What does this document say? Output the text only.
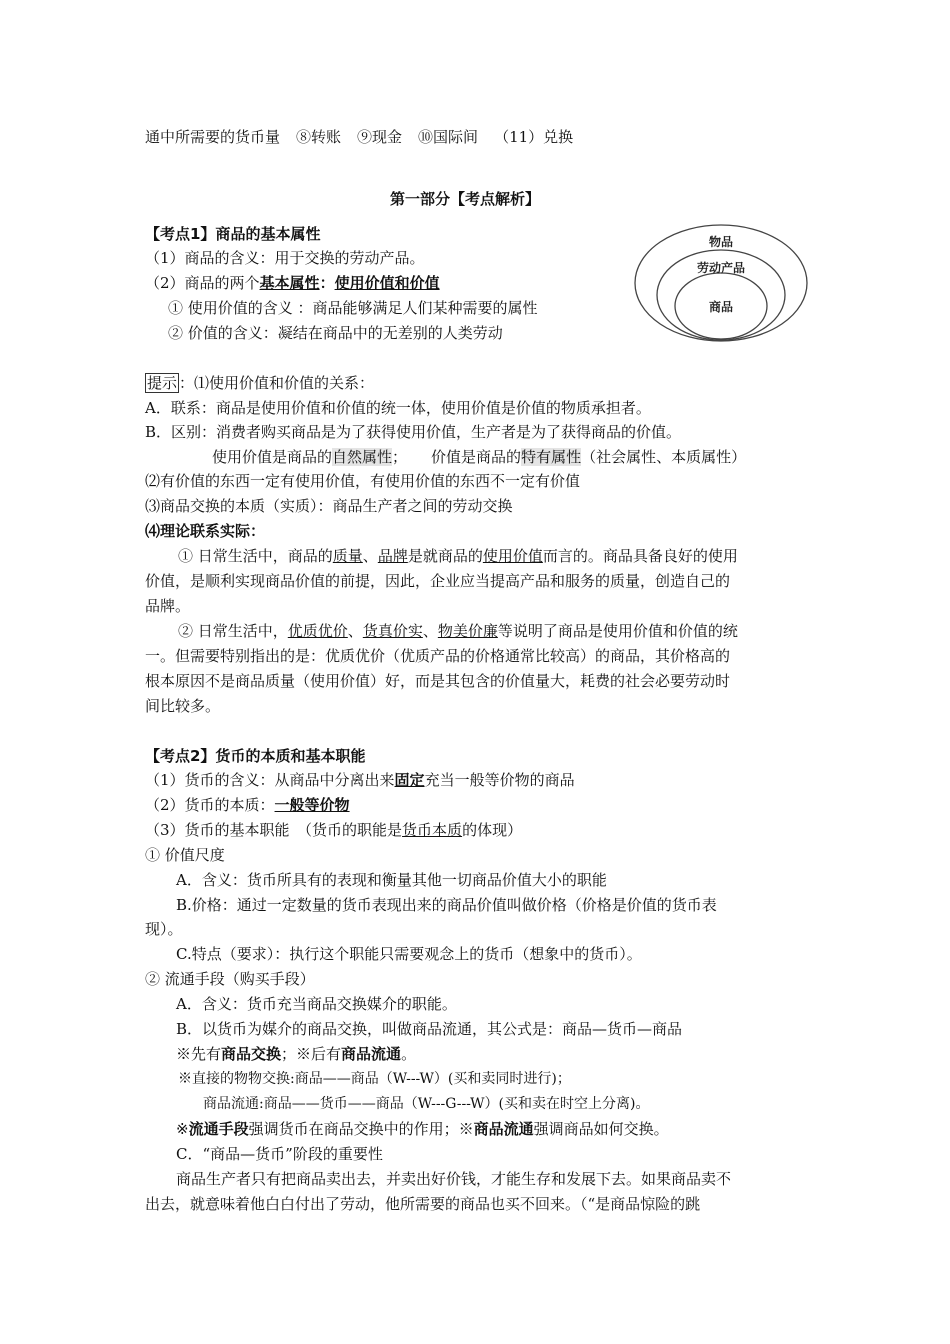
通中所需要的货币量 ⑧转账 ⑨现金 ⑩国际间 （11）兑换
第一部分【考点解析】
【考点1】商品的基本属性
（1）商品的含义：用于交换的劳动产品。
（2）商品的两个基本属性：使用价值和价值
① 使用价值的含义 ：商品能够满足人们某种需要的属性
② 价值的含义：凝结在商品中的无差别的人类劳动
物品
劳动产品
商品
提示 ：⑴使用价值和价值的关系：
A．联系：商品是使用价值和价值的统一体，使用价值是价值的物质承担者。
B．区别：消费者购买商品是为了获得使用价值，生产者是为了获得商品的价值。
使用价值是商品的自然属性； 价值是商品的特有属性（社会属性、本质属性）
⑵有价值的东西一定有使用价值，有使用价值的东西不一定有价值
⑶商品交换的本质（实质）：商品生产者之间的劳动交换
⑷理论联系实际：
① 日常生活中，商品的质量、品牌是就商品的使用价值而言的。商品具备良好的使用
价值，是顺利实现商品价值的前提，因此，企业应当提高产品和服务的质量，创造自己的
品牌。
② 日常生活中，优质优价、货真价实、物美价廉等说明了商品是使用价值和价值的统
一。但需要特别指出的是：优质优价（优质产品的价格通常比较高）的商品，其价格高的
根本原因不是商品质量（使用价值）好，而是其包含的价值量大，耗费的社会必要劳动时
间比较多。
【考点2】货币的本质和基本职能
（1）货币的含义：从商品中分离出来固定充当一般等价物的商品
（2）货币的本质：一般等价物
（3）货币的基本职能　（货币的职能是货币本质的体现）
① 价值尺度
A．含义：货币所具有的表现和衡量其他一切商品价值大小的职能
B.价格：通过一定数量的货币表现出来的商品价值叫做价格（价格是价值的货币表
现）。
C.特点（要求）：执行这个职能只需要观念上的货币（想象中的货币）。
② 流通手段（购买手段）
A．含义：货币充当商品交换媒介的职能。
B．以货币为媒介的商品交换，叫做商品流通，其公式是：商品—货币—商品
※先有商品交换；※后有商品流通。
※直接的物物交换:商品——商品（W---W）(买和卖同时进行)；
商品流通:商品——货币——商品（W---G---W）(买和卖在时空上分离)。
※流通手段强调货币在商品交换中的作用；※商品流通强调商品如何交换。
C．“商品—货币”阶段的重要性
商品生产者只有把商品卖出去，并卖出好价钱，才能生存和发展下去。如果商品卖不
出去，就意味着他白白付出了劳动，他所需要的商品也买不回来。（“是商品惊险的跳
